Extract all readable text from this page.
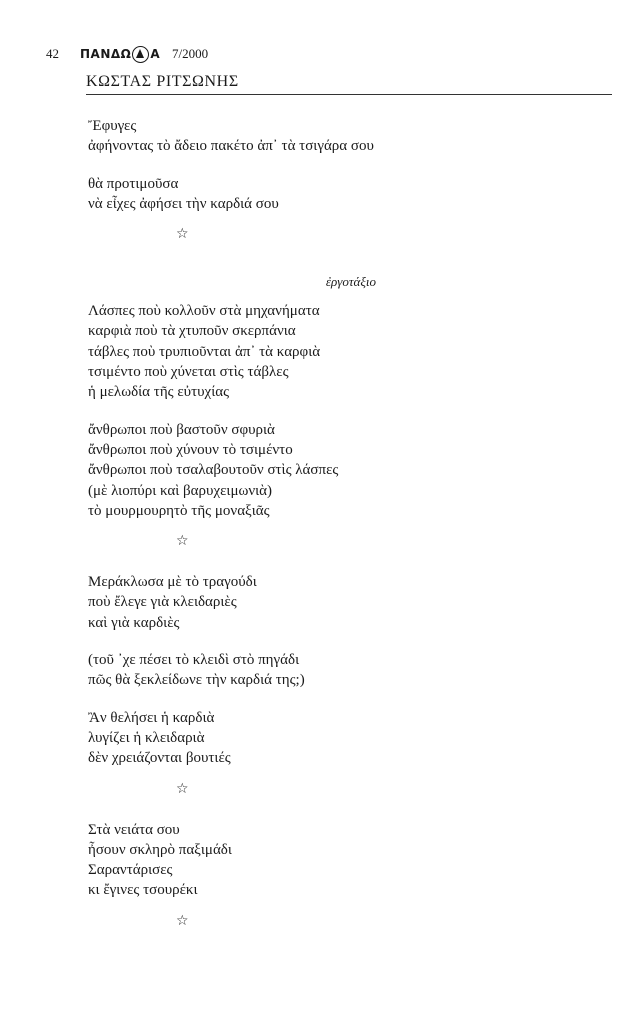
42 ΠΑΝΔΩ Α 7/2000
ΚΩΣΤΑΣ ΡΙΤΣΩΝΗΣ
Ἔφυγες
ἀφήνοντας τὸ ἄδειο πακέτο ἀπ᾿ τὰ τσιγάρα σου
θὰ προτιμοῦσα
νὰ εἶχες ἀφήσει τὴν καρδιά σου
☆
ἐργοτάξιο
Λάσπες ποὺ κολλοῦν στὰ μηχανήματα
καρφιὰ ποὺ τὰ χτυποῦν σκερπάνια
τάβλες ποὺ τρυπιοῦνται ἀπ᾿ τὰ καρφιὰ
τσιμέντο ποὺ χύνεται στὶς τάβλες
ἡ μελωδία τῆς εὐτυχίας
ἄνθρωποι ποὺ βαστοῦν σφυριὰ
ἄνθρωποι ποὺ χύνουν τὸ τσιμέντο
ἄνθρωποι ποὺ τσαλαβουτοῦν στὶς λάσπες
(μὲ λιοπύρι καὶ βαρυχειμωνιὰ)
τὸ μουρμουρητὸ τῆς μοναξιᾶς
☆
Μεράκλωσα μὲ τὸ τραγούδι
ποὺ ἔλεγε γιὰ κλειδαριὲς
καὶ γιὰ καρδιὲς
(τοῦ ᾿χε πέσει τὸ κλειδὶ στὸ πηγάδι
πῶς θὰ ξεκλείδωνε τὴν καρδιά της;)
Ἂν θελήσει ἡ καρδιὰ
λυγίζει ἡ κλειδαριὰ
δὲν χρειάζονται βουτιές
☆
Στὰ νειάτα σου
ἦσουν σκληρὸ παξιμάδι
Σαραντάρισες
κι ἔγινες τσουρέκι
☆
